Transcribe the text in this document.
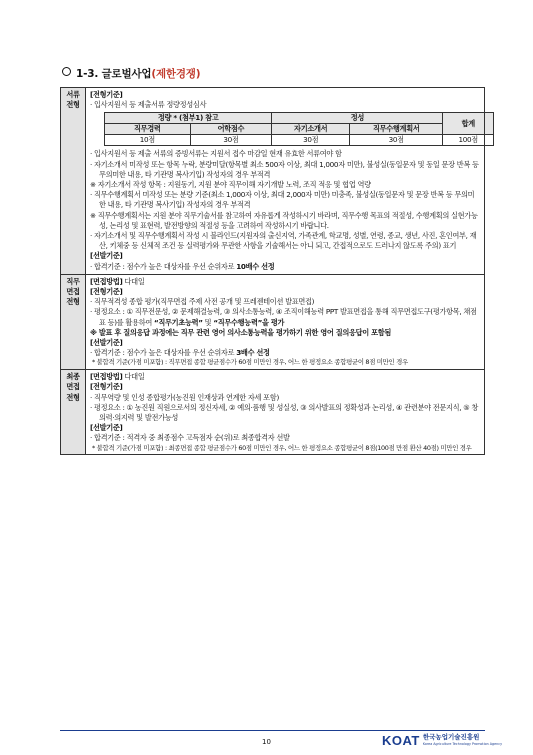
1-3. 글로벌사업(제한경쟁)
서류
전형	
[전형기준]
· 입사지원서 등 제출서류 정량정성심사
정량 * (첨부1) 참고	정성	합계
직무경력	어학점수	자기소개서	직무수행계획서
10점	30점	30점	30점	100점
· 입사지원서 등 제출 서류의 증빙서류는 지원서 접수 마감일 현재 유효한 서류여야 함
· 자기소개서 미작성 또는 항목 누락, 분량미달(항목별 최소 500자 이상, 최대 1,000자 미만), 불성실(동일문자 및 동일 문장 반복 등 무의미한 내용, 타 기관명 복사기입) 작성자의 경우 부적격
※ 자기소개서 작성 항목 : 지원동기, 지원 분야 직무이해 자기개발 노력, 조직 적응 및 협업 역량
· 직무수행계획서 미작성 또는 분량 기준(최소 1,000자 이상, 최대 2,000자 미만) 미충족, 불성실(동일문자 및 문장 반복 등 무의미한 내용, 타 기관명 복사기입) 작성자의 경우 부적격
※ 직무수행계획서는 지원 분야 직무기술서를 참고하여 자유롭게 작성하시기 바라며, 직무수행 목표의 적절성, 수행계획의 실현가능성, 논리성 및 표현력, 발전방향의 적절성 등을 고려하여 작성하시기 바랍니다.
· 자기소개서 및 직무수행계획서 작성 시 블라인드(지원자의 출신지역, 가족관계, 학교명, 성별, 연령, 종교, 생년, 사진, 혼인여부, 재산, 키체중 등 신체적 조건 등 실력평가와 무관한 사항을 기술해서는 아니 되고, 간접적으로도 드러나지 않도록 주의) 표기
[선발기준]
· 합격기준 : 점수가 높은 대상자를 우선 순위자로 10배수 선정

직무
면접
전형	
[면접방법] 다대일
[전형기준]
· 직무적격성 종합 평가(직무면접 주제 사전 공개 및 프레젠테이션 발표면접)
· 평정요소 : ① 직무전문성, ② 문제해결능력, ③ 의사소통능력, ④ 조직이해능력 PPT 발표면접을 통해 직무면접도구(평가항목, 채점표 등)를 활용하여 “직무기초능력” 및 “직무수행능력”을 평가
※ 발표 후 질의응답 과정에는 직무 관련 영어 의사소통능력을 평가하기 위한 영어 질의응답이 포함됨
[선발기준]
· 합격기준 : 점수가 높은 대상자를 우선 순위자로 3배수 선정
* 불합격 기준(가점 미포함) : 직무면접 종합 평균점수가 60점 미만인 경우, 어느 한 평정요소 종합평균이 8점 미만인 경우

최종
면접
전형	
[면접방법] 다대일
[전형기준]
· 직무역량 및 인성 종합평가(농진원 인재상과 연계한 자세 포함)
· 평정요소 : ① 농진원 직원으로서의 정신자세, ② 예의·품행 및 성실성, ③ 의사발표의 정확성과 논리성, ④ 관련분야 전문지식, ⑤ 창의력·의지력 및 발전가능성
[선발기준]
· 합격기준 : 적격자 중 최종점수 고득점자 순(위)로 최종합격자 선발
* 불합격 기준(가점 미포함) : 최종면접 종합 평균점수가 60점 미만인 경우, 어느 한 평정요소 종합평균이 8점(100점 만점 환산 40점) 미만인 경우
10	KOAT 한국농업기술진흥원
Korea Agriculture Technology Promotion Agency
